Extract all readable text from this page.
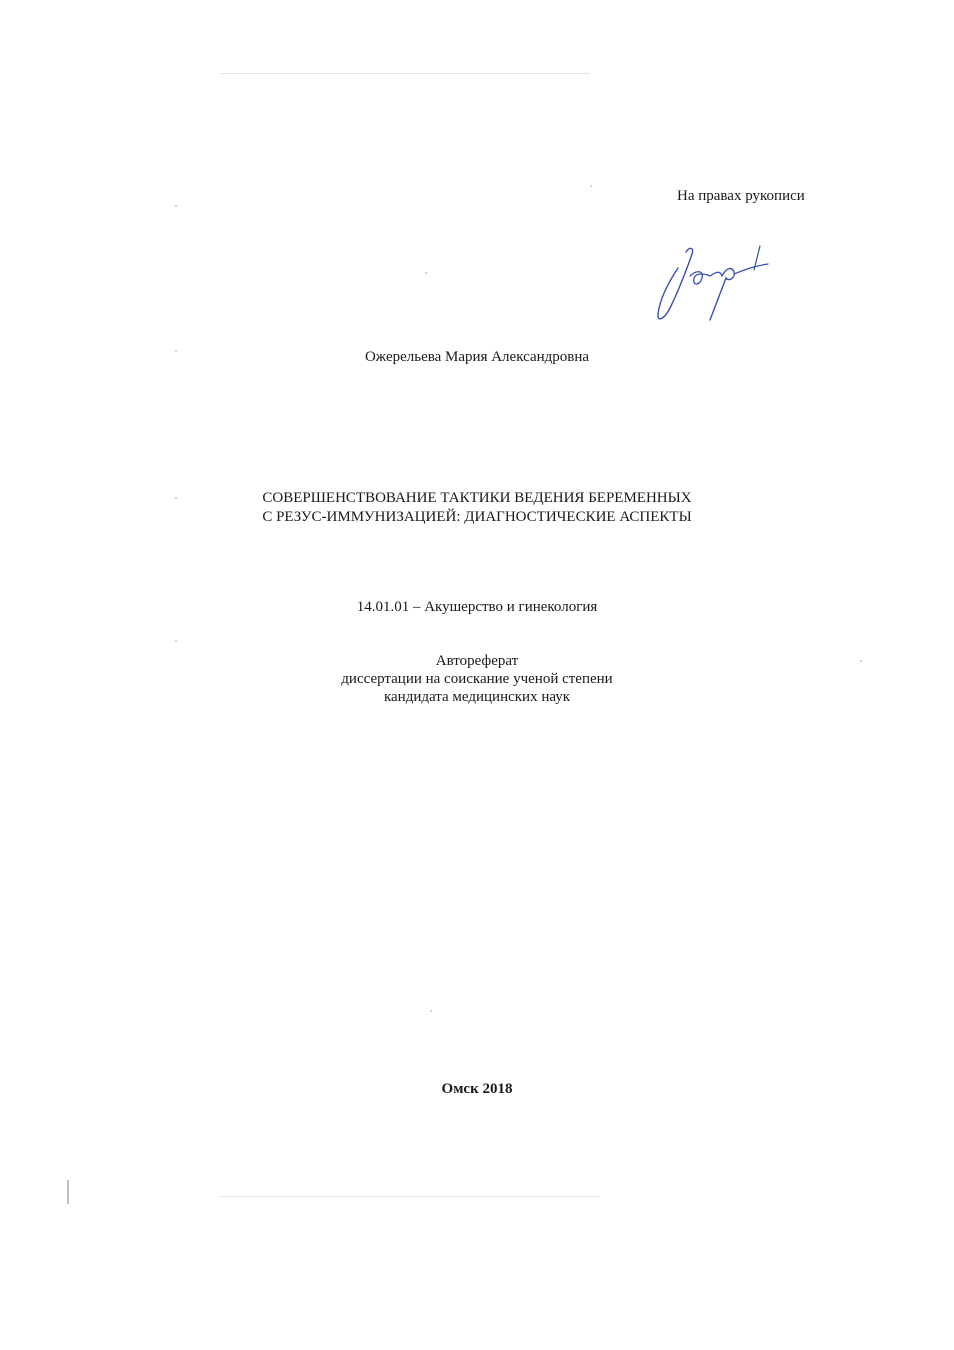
На правах рукописи
Ожерельева Мария Александровна
СОВЕРШЕНСТВОВАНИЕ ТАКТИКИ ВЕДЕНИЯ БЕРЕМЕННЫХ
С РЕЗУС-ИММУНИЗАЦИЕЙ: ДИАГНОСТИЧЕСКИЕ АСПЕКТЫ
14.01.01 – Акушерство и гинекология
Автореферат
диссертации на соискание ученой степени
кандидата медицинских наук
Омск 2018
